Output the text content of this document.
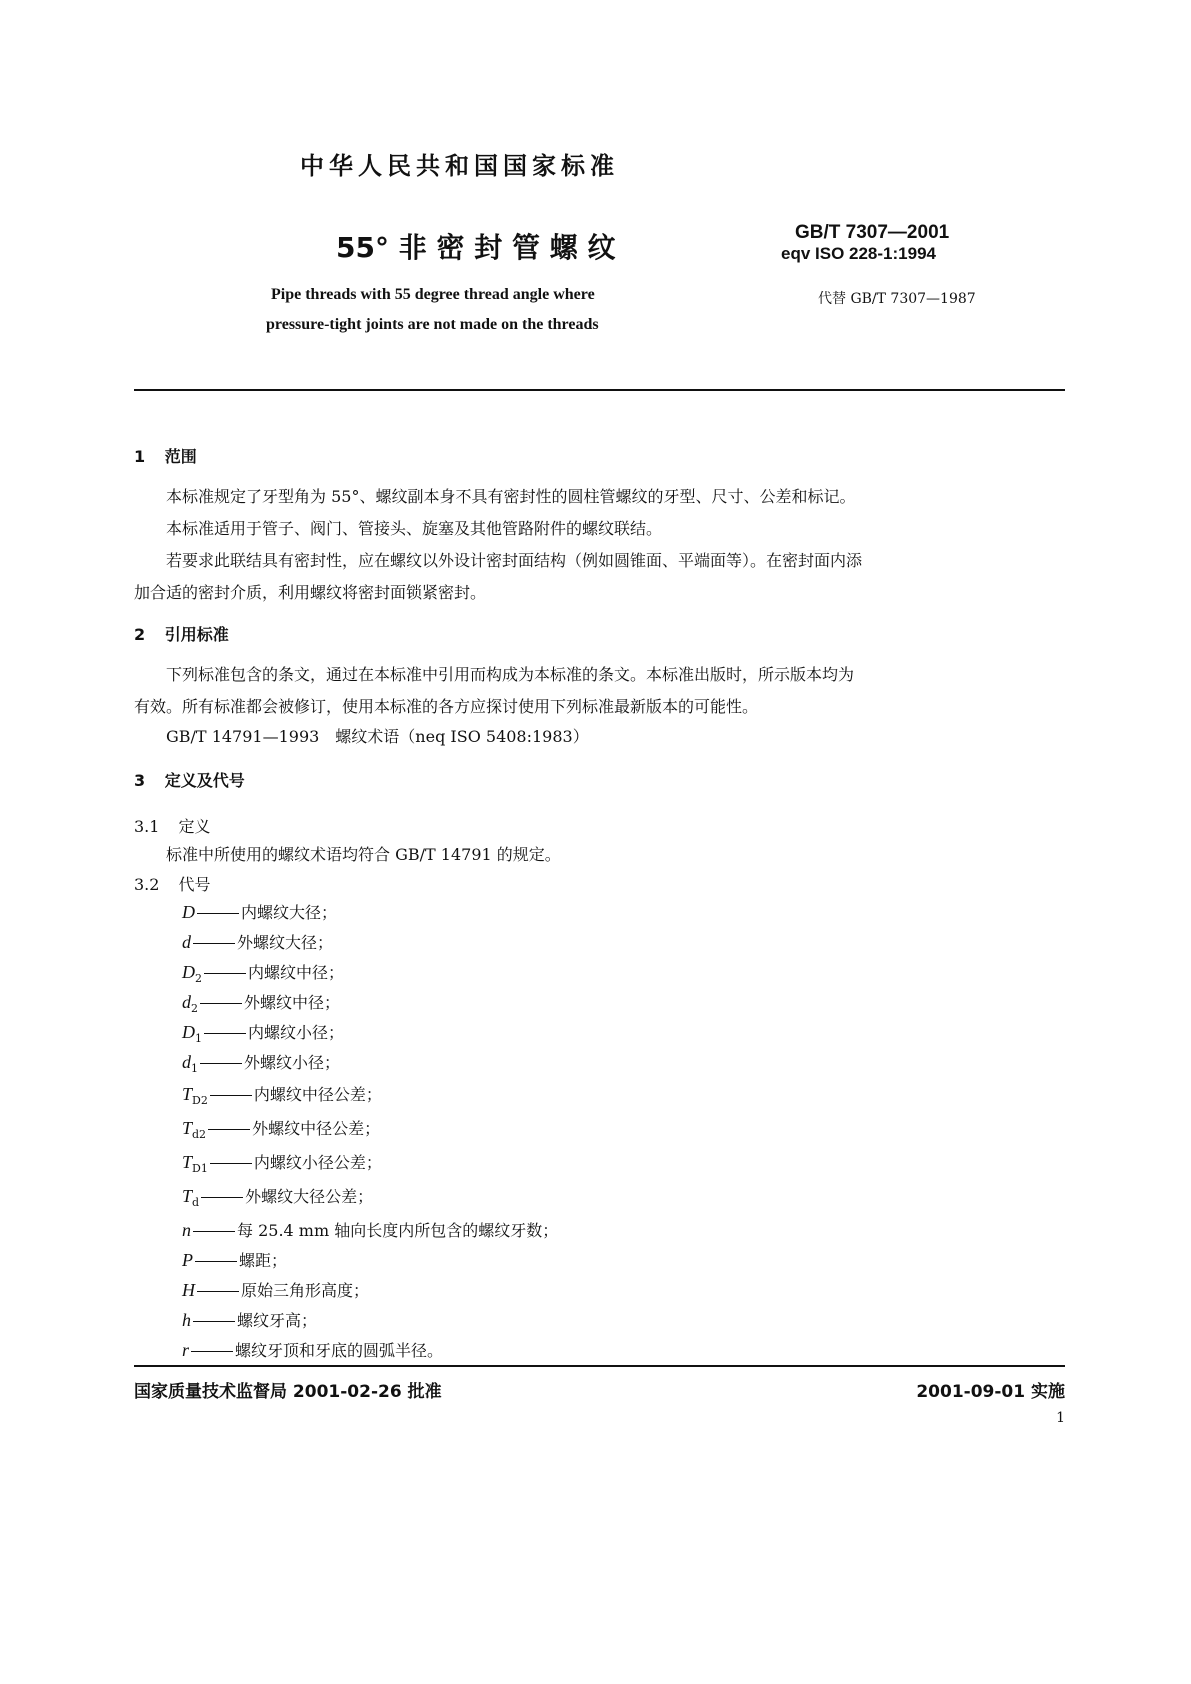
中华人民共和国国家标准
55° 非 密 封 管 螺 纹	GB/T 7307—2001
eqv ISO 228-1:1994
Pipe threads with 55 degree thread angle where
pressure-tight joints are not made on the threads
代替 GB/T 7307—1987
1 范围
本标准规定了牙型角为 55°、螺纹副本身不具有密封性的圆柱管螺纹的牙型、尺寸、公差和标记。
本标准适用于管子、阀门、管接头、旋塞及其他管路附件的螺纹联结。
若要求此联结具有密封性，应在螺纹以外设计密封面结构（例如圆锥面、平端面等）。在密封面内添
加合适的密封介质，利用螺纹将密封面锁紧密封。
2 引用标准
下列标准包含的条文，通过在本标准中引用而构成为本标准的条文。本标准出版时，所示版本均为
有效。所有标准都会被修订，使用本标准的各方应探讨使用下列标准最新版本的可能性。
GB/T 14791—1993　螺纹术语（neq ISO 5408:1983）
3 定义及代号
3.1 定义
标准中所使用的螺纹术语均符合 GB/T 14791 的规定。
3.2 代号
D	内螺纹大径；
d	外螺纹大径；
$D_2$	内螺纹中径；
$d_2$	外螺纹中径；
$D_1$	内螺纹小径；
$d_1$	外螺纹小径；
$T_{D2}$	内螺纹中径公差；
$T_{d2}$	外螺纹中径公差；
$T_{D1}$	内螺纹小径公差；
$T_d$	外螺纹大径公差；
n	每 25.4 mm 轴向长度内所包含的螺纹牙数；
P	螺距；
H	原始三角形高度；
h	螺纹牙高；
r	螺纹牙顶和牙底的圆弧半径。
国家质量技术监督局 2001-02-26 批准	2001-09-01 实施
1
